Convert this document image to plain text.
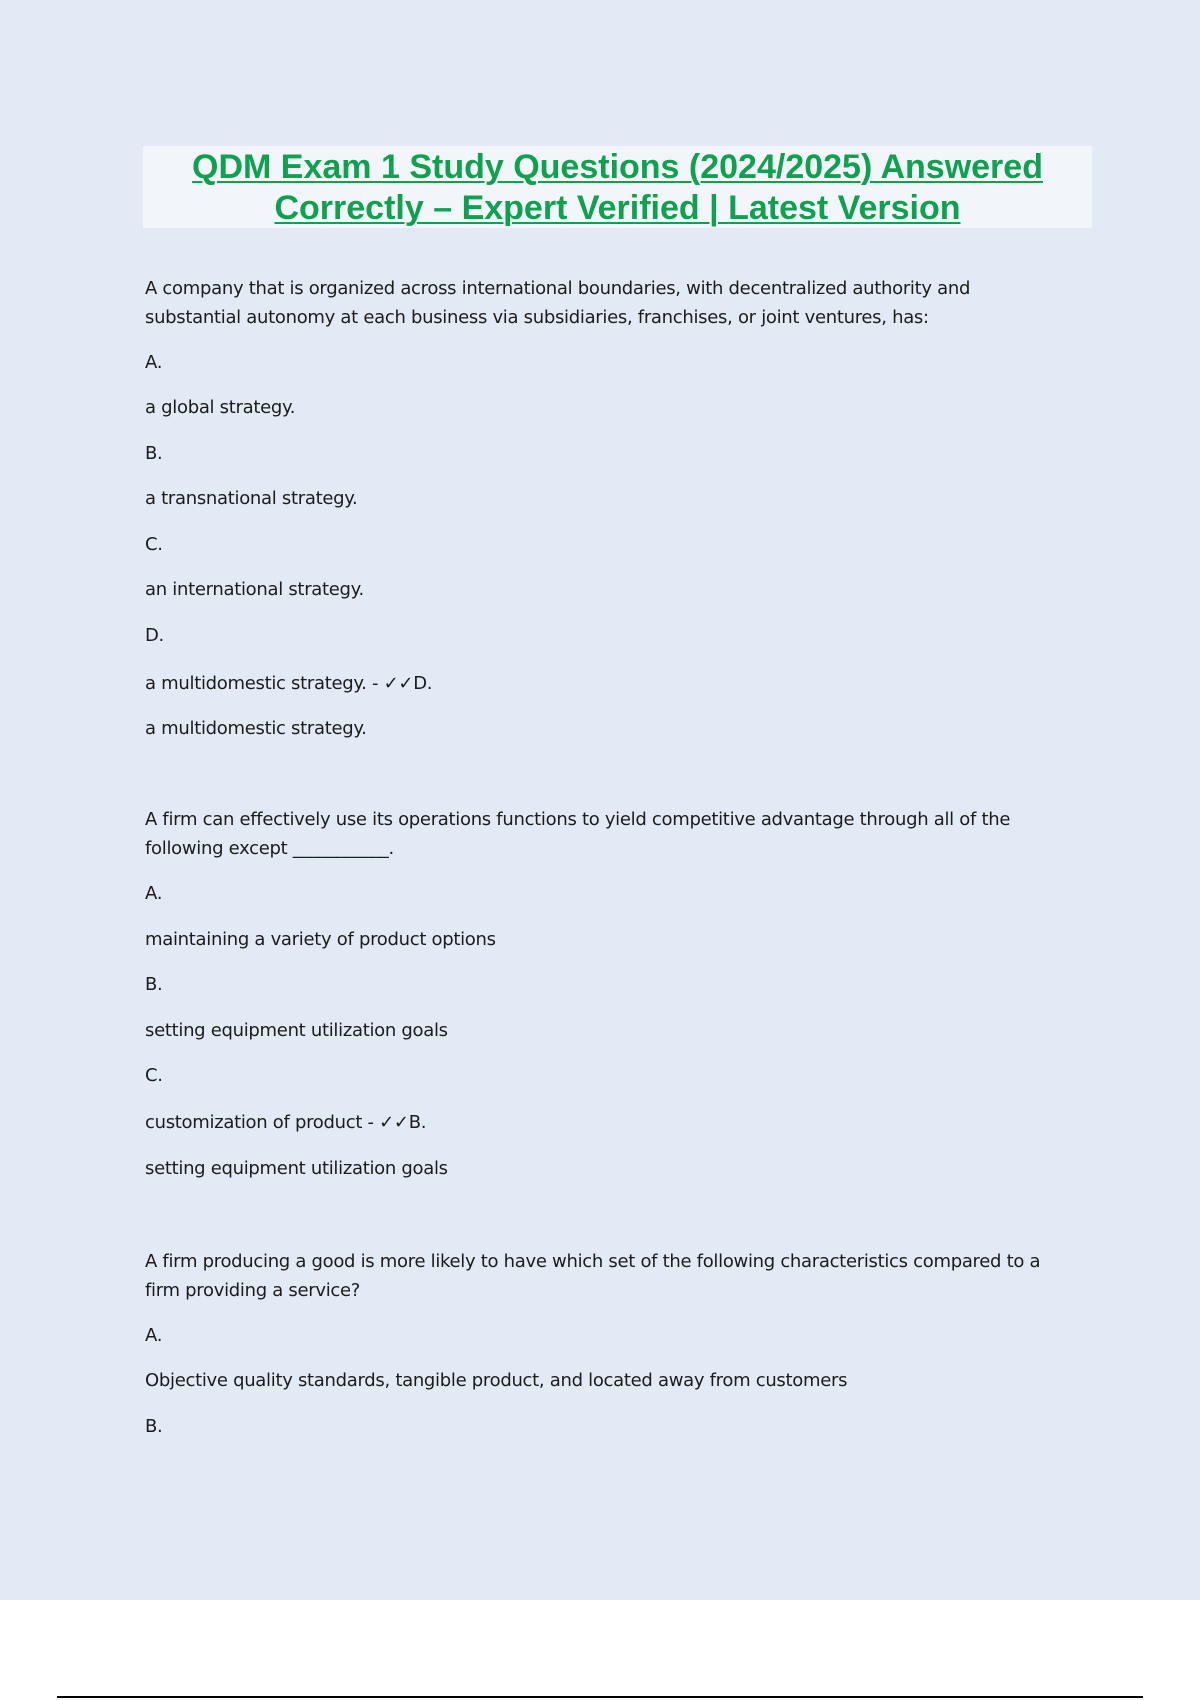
QDM Exam 1 Study Questions (2024/2025) Answered
Correctly – Expert Verified | Latest Version
A company that is organized across international boundaries, with decentralized authority and
substantial autonomy at each business via subsidiaries, franchises, or joint ventures, has:
A.
a global strategy.
B.
a transnational strategy.
C.
an international strategy.
D.
a multidomestic strategy. - ✓✓D.
a multidomestic strategy.
A firm can effectively use its operations functions to yield competitive advantage through all of the
following except ___________.
A.
maintaining a variety of product options
B.
setting equipment utilization goals
C.
customization of product - ✓✓B.
setting equipment utilization goals
A firm producing a good is more likely to have which set of the following characteristics compared to a
firm providing a service?
A.
Objective quality standards, tangible product, and located away from customers
B.
